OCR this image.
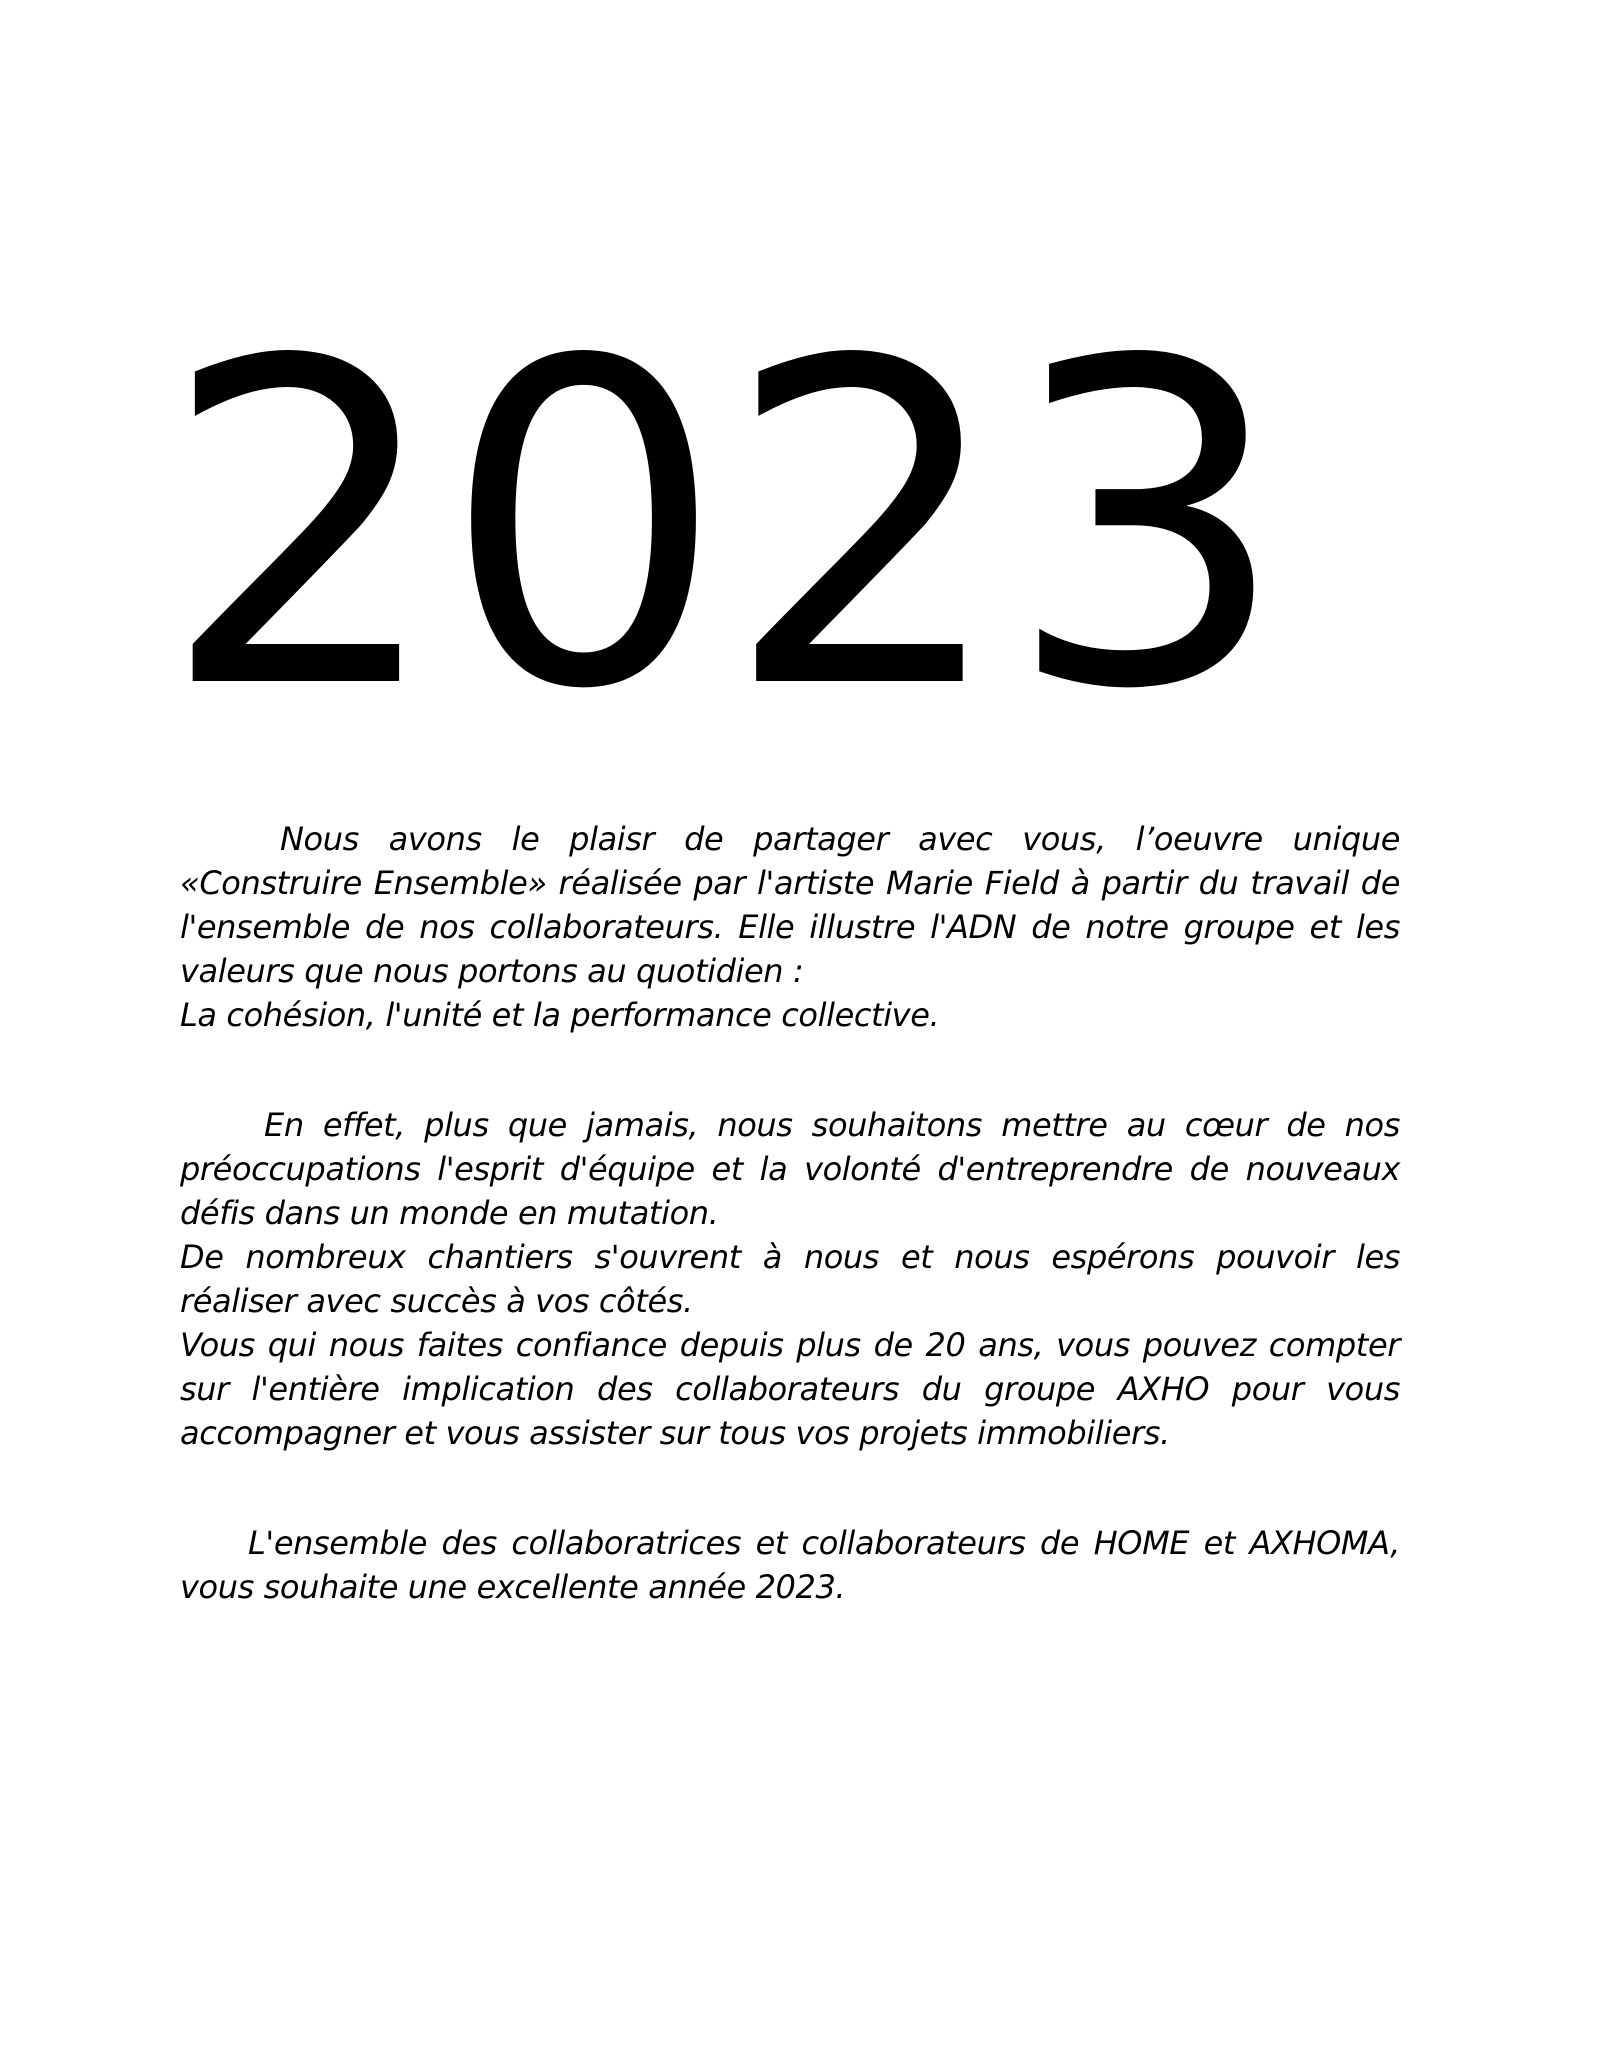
2023

Nous avons le plaisr de partager avec vous, l’oeuvre unique «Construire Ensemble» réalisée par l'artiste Marie Field à partir du travail de l'ensemble de nos collaborateurs. Elle illustre l'ADN de notre groupe et les valeurs que nous portons au quotidien :

La cohésion, l'unité et la performance collective.

En effet, plus que jamais, nous souhaitons mettre au cœur de nos préoccupations l'esprit d'équipe et la volonté d'entreprendre de nouveaux défis dans un monde en mutation.

De nombreux chantiers s'ouvrent à nous et nous espérons pouvoir les réaliser avec succès à vos côtés.

Vous qui nous faites confiance depuis plus de 20 ans, vous pouvez compter sur l'entière implication des collaborateurs du groupe AXHO pour vous accompagner et vous assister sur tous vos projets immobiliers.

L'ensemble des collaboratrices et collaborateurs de HOME et AXHOMA, vous souhaite une excellente année 2023.
